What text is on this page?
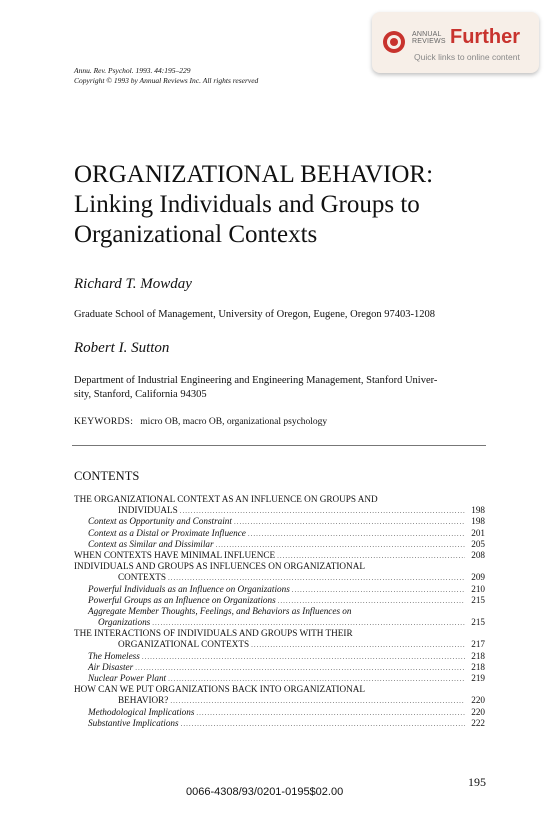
ANNUAL
REVIEWS Further
Quick links to online content
Annu. Rev. Psychol. 1993. 44:195–229
Copyright © 1993 by Annual Reviews Inc. All rights reserved
ORGANIZATIONAL BEHAVIOR:
Linking Individuals and Groups to
Organizational Contexts
Richard T. Mowday
Graduate School of Management, University of Oregon, Eugene, Oregon 97403-1208
Robert I. Sutton
Department of Industrial Engineering and Engineering Management, Stanford Univer-
sity, Stanford, California 94305
KEYWORDS: micro OB, macro OB, organizational psychology
CONTENTS
THE ORGANIZATIONAL CONTEXT AS AN INFLUENCE ON GROUPS AND
INDIVIDUALS .....	198
Context as Opportunity and Constraint .....	198
Context as a Distal or Proximate Influence .....	201
Context as Similar and Dissimilar .....	205
WHEN CONTEXTS HAVE MINIMAL INFLUENCE .....	208
INDIVIDUALS AND GROUPS AS INFLUENCES ON ORGANIZATIONAL
CONTEXTS .....	209
Powerful Individuals as an Influence on Organizations .....	210
Powerful Groups as an Influence on Organizations .....	215
Aggregate Member Thoughts, Feelings, and Behaviors as Influences on
Organizations .....	215
THE INTERACTIONS OF INDIVIDUALS AND GROUPS WITH THEIR
ORGANIZATIONAL CONTEXTS .....	217
The Homeless .....	218
Air Disaster .....	218
Nuclear Power Plant .....	219
HOW CAN WE PUT ORGANIZATIONS BACK INTO ORGANIZATIONAL
BEHAVIOR? .....	220
Methodological Implications .....	220
Substantive Implications .....	222
195
0066-4308/93/0201-0195$02.00
